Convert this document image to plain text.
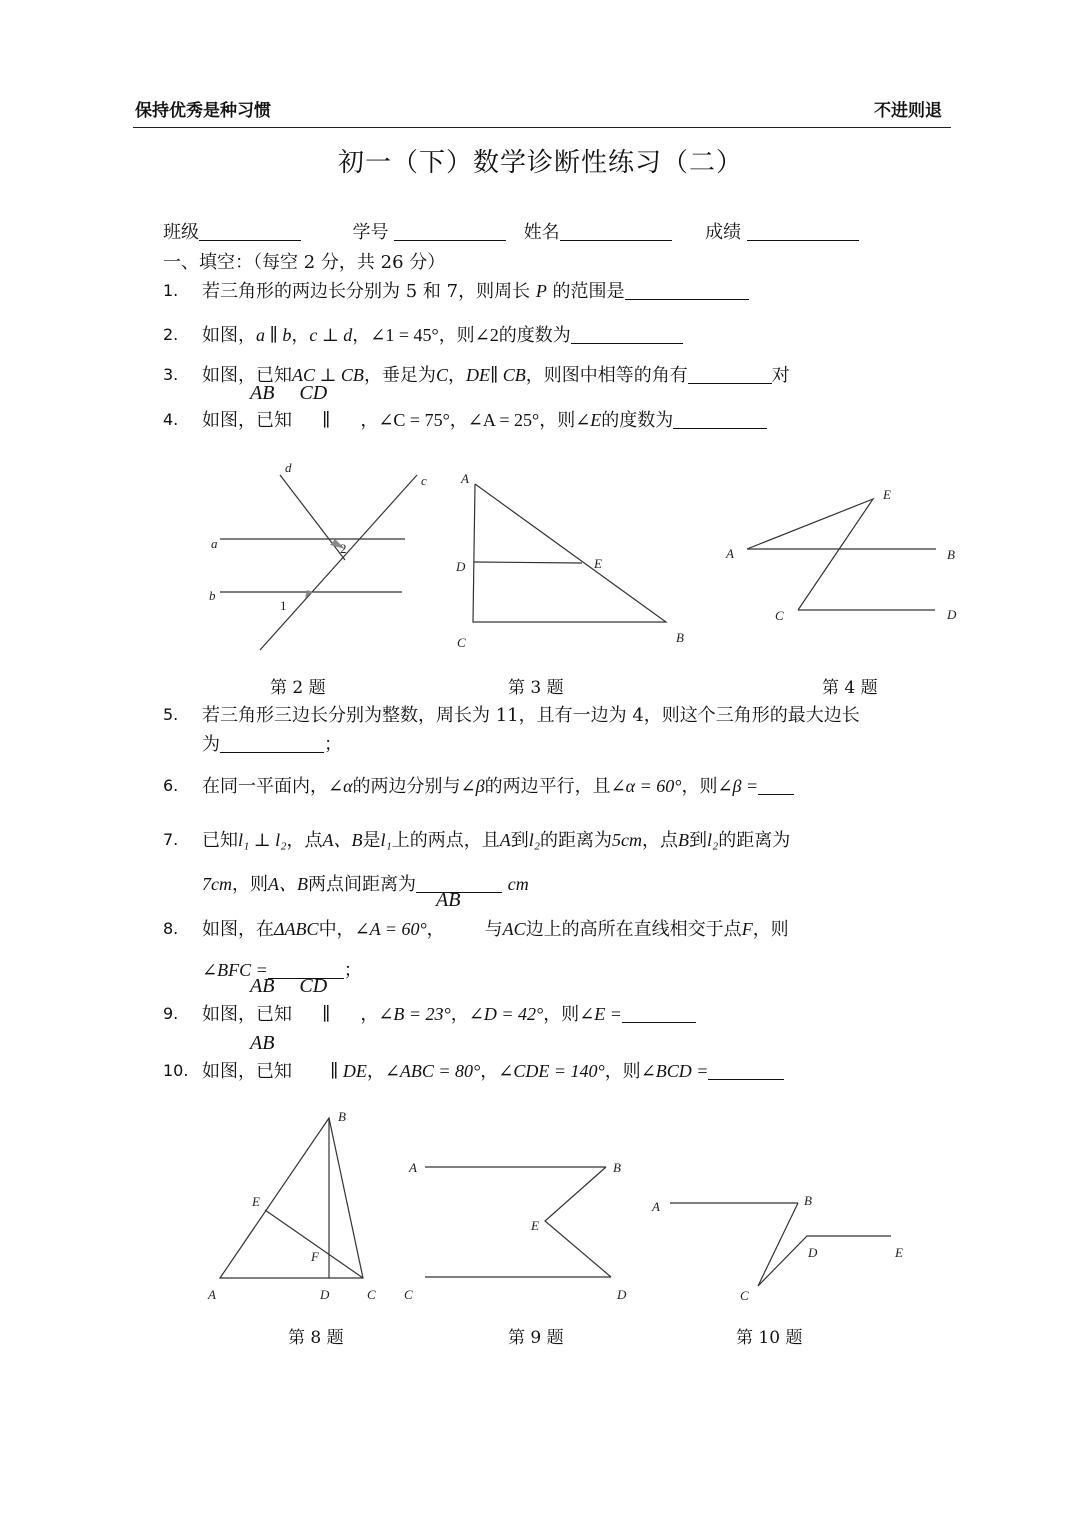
保持优秀是种习惯	不进则退
初一（下）数学诊断性练习（二）
班级	学号	姓名	成绩
一、填空：（每空 2 分，共 26 分）
1. 若三角形的两边长分别为 5 和 7，则周长 P 的范围是
2. 如图，a ∥ b，c ⊥ d，∠1 = 45°，则∠2的度数为
3. 如图，已知AC ⊥ CB，垂足为C，DE∥ CB，则图中相等的角有	对
AB     CD
4. 如图，已知 ∥ ，∠C = 75°，∠A = 25°，则∠E的度数为
d
c
a
b
2
1
A
D	E
C	B
E
A	B
C	D
第 2 题	第 3 题	第 4 题
5. 若三角形三边长分别为整数，周长为 11，且有一边为 4，则这个三角形的最大边长
为	；
6. 在同一平面内，∠α的两边分别与∠β的两边平行，且∠α = 60°，则∠β =
7. 已知l₁ ⊥ l₂，点A、B是l₁上的两点，且A到l₂的距离为5cm，点B到l₂的距离为
7cm，则A、B两点间距离为	cm
AB
8. 如图，在ΔABC中，∠A = 60°， 与AC边上的高所在直线相交于点F，则
∠BFC =	；
AB     CD
9. 如图，已知 ∥ ，∠B = 23°，∠D = 42°，则∠E =
AB
10. 如图，已知 ∥ DE，∠ABC = 80°，∠CDE = 140°，则∠BCD =
B
E
F
A	D	C
A	B
E
C	D
A	B
D	E
C
第 8 题	第 9 题	第 10 题
